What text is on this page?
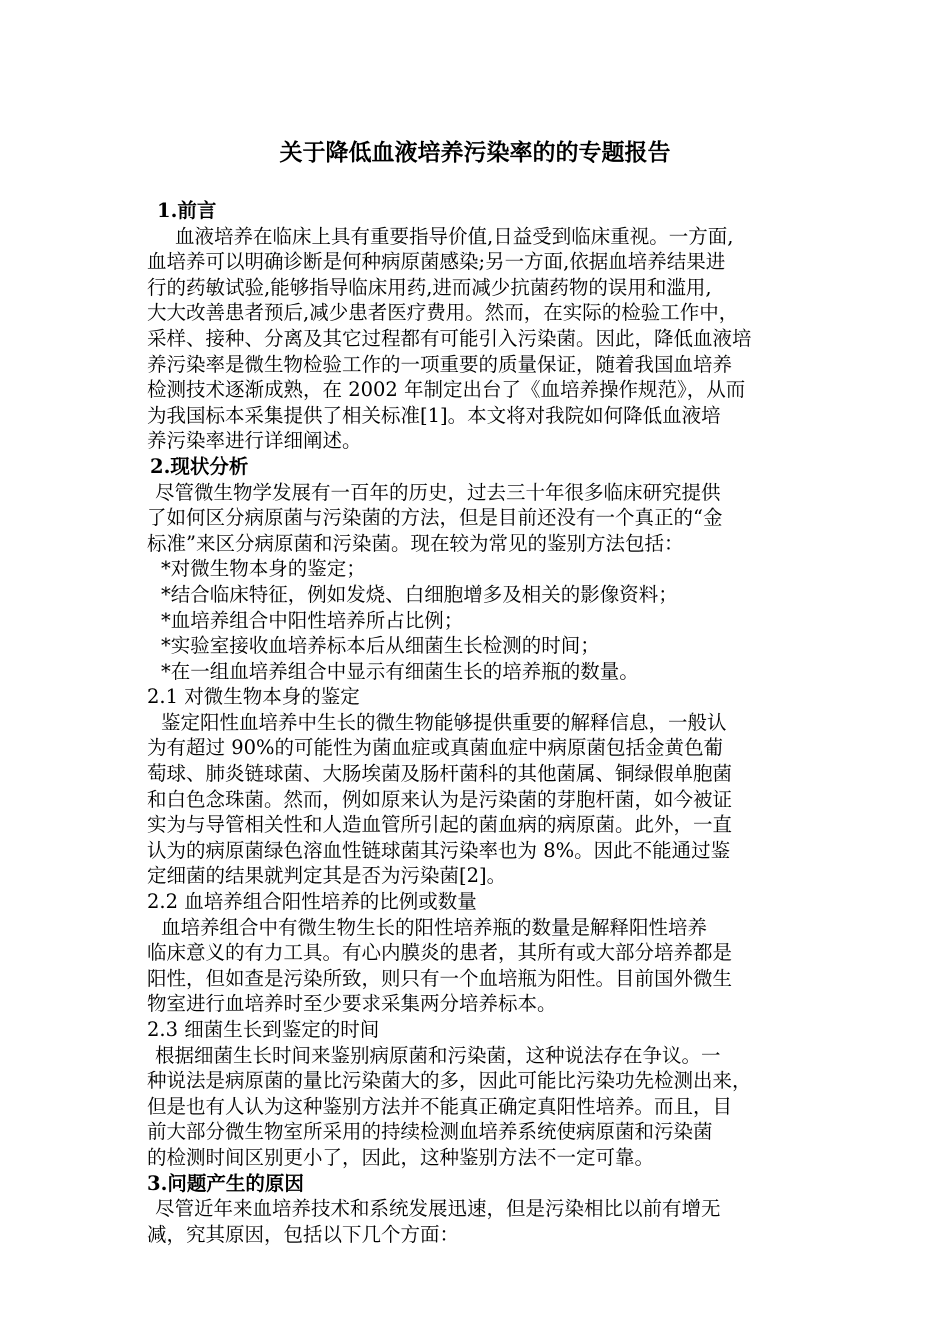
关于降低血液培养污染率的的专题报告
1.前言

血液培养在临床上具有重要指导价值,日益受到临床重视。一方面,

血培养可以明确诊断是何种病原菌感染;另一方面,依据血培养结果进

行的药敏试验,能够指导临床用药,进而减少抗菌药物的误用和滥用,

大大改善患者预后,减少患者医疗费用。然而，在实际的检验工作中，

采样、接种、分离及其它过程都有可能引入污染菌。因此，降低血液培

养污染率是微生物检验工作的一项重要的质量保证，随着我国血培养

检测技术逐渐成熟，在 2002 年制定出台了《血培养操作规范》，从而

为我国标本采集提供了相关标准[1]。本文将对我院如何降低血液培

养污染率进行详细阐述。

2.现状分析

尽管微生物学发展有一百年的历史，过去三十年很多临床研究提供

了如何区分病原菌与污染菌的方法，但是目前还没有一个真正的“金

标准”来区分病原菌和污染菌。现在较为常见的鉴别方法包括：

*对微生物本身的鉴定；

*结合临床特征，例如发烧、白细胞增多及相关的影像资料；

*血培养组合中阳性培养所占比例；

*实验室接收血培养标本后从细菌生长检测的时间；

*在一组血培养组合中显示有细菌生长的培养瓶的数量。

2.1 对微生物本身的鉴定

鉴定阳性血培养中生长的微生物能够提供重要的解释信息，一般认

为有超过 90%的可能性为菌血症或真菌血症中病原菌包括金黄色葡

萄球、肺炎链球菌、大肠埃菌及肠杆菌科的其他菌属、铜绿假单胞菌

和白色念珠菌。然而，例如原来认为是污染菌的芽胞杆菌，如今被证

实为与导管相关性和人造血管所引起的菌血病的病原菌。此外，一直

认为的病原菌绿色溶血性链球菌其污染率也为 8%。因此不能通过鉴

定细菌的结果就判定其是否为污染菌[2]。

2.2 血培养组合阳性培养的比例或数量

血培养组合中有微生物生长的阳性培养瓶的数量是解释阳性培养

临床意义的有力工具。有心内膜炎的患者，其所有或大部分培养都是

阳性，但如查是污染所致，则只有一个血培瓶为阳性。目前国外微生

物室进行血培养时至少要求采集两分培养标本。

2.3 细菌生长到鉴定的时间

根据细菌生长时间来鉴别病原菌和污染菌，这种说法存在争议。一

种说法是病原菌的量比污染菌大的多，因此可能比污染功先检测出来，

但是也有人认为这种鉴别方法并不能真正确定真阳性培养。而且，目

前大部分微生物室所采用的持续检测血培养系统使病原菌和污染菌

的检测时间区别更小了，因此，这种鉴别方法不一定可靠。

3.问题产生的原因

尽管近年来血培养技术和系统发展迅速，但是污染相比以前有增无

减，究其原因，包括以下几个方面：
